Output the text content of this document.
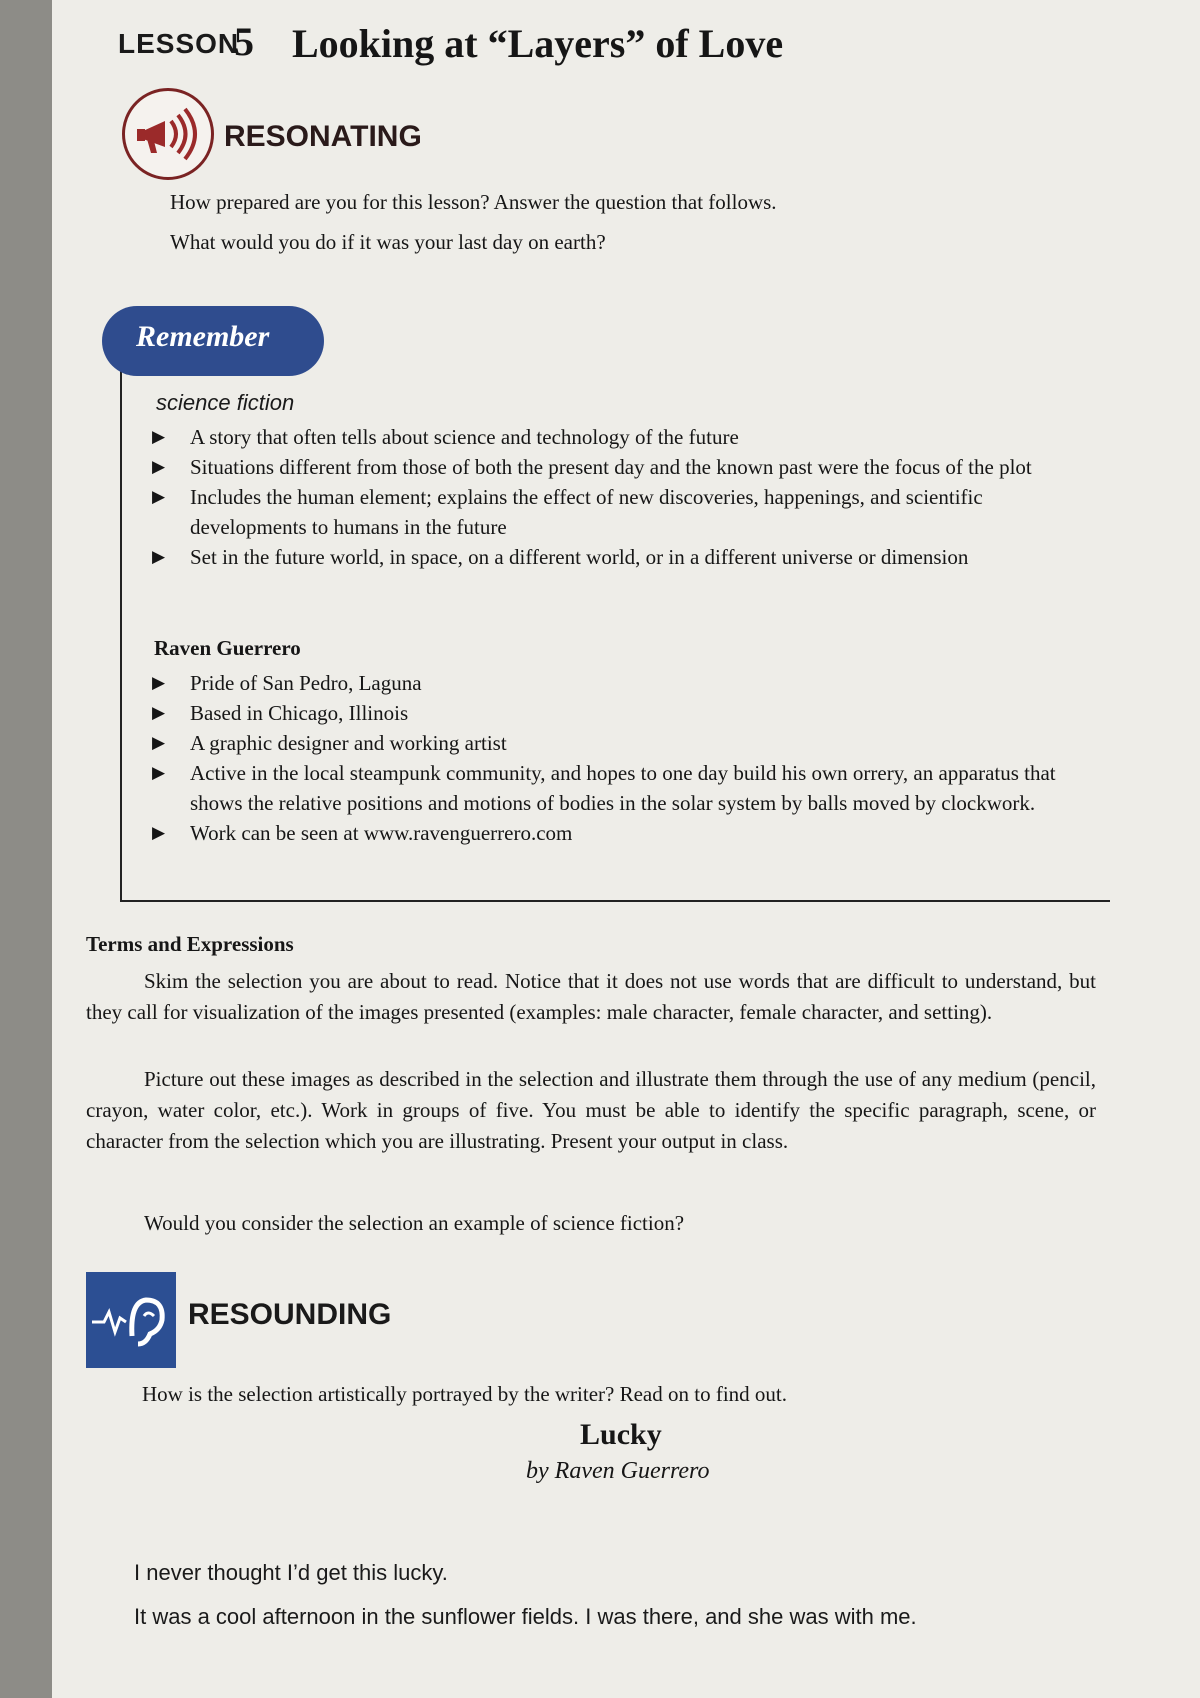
LESSON
5 Looking at “Layers” of Love
RESONATING
How prepared are you for this lesson? Answer the question that follows.
What would you do if it was your last day on earth?
Remember
science fiction

▶ A story that often tells about science and technology of the future

▶ Situations different from those of both the present day and the known past were the focus of the plot

▶ Includes the human element; explains the effect of new discoveries, happenings, and scientific developments to humans in the future

▶ Set in the future world, in space, on a different world, or in a different universe or dimension

Raven Guerrero

▶ Pride of San Pedro, Laguna

▶ Based in Chicago, Illinois

▶ A graphic designer and working artist

▶ Active in the local steampunk community, and hopes to one day build his own orrery, an apparatus that shows the relative positions and motions of bodies in the solar system by balls moved by clockwork.

▶ Work can be seen at www.ravenguerrero.com

Terms and Expressions
Skim the selection you are about to read. Notice that it does not use words that are difficult to understand, but they call for visualization of the images presented (examples: male character, female character, and setting).
Picture out these images as described in the selection and illustrate them through the use of any medium (pencil, crayon, water color, etc.). Work in groups of five. You must be able to identify the specific paragraph, scene, or character from the selection which you are illustrating. Present your output in class.
Would you consider the selection an example of science fiction?
RESOUNDING
How is the selection artistically portrayed by the writer? Read on to find out.
Lucky
by Raven Guerrero
I never thought I’d get this lucky.
It was a cool afternoon in the sunflower fields. I was there, and she was with me.
